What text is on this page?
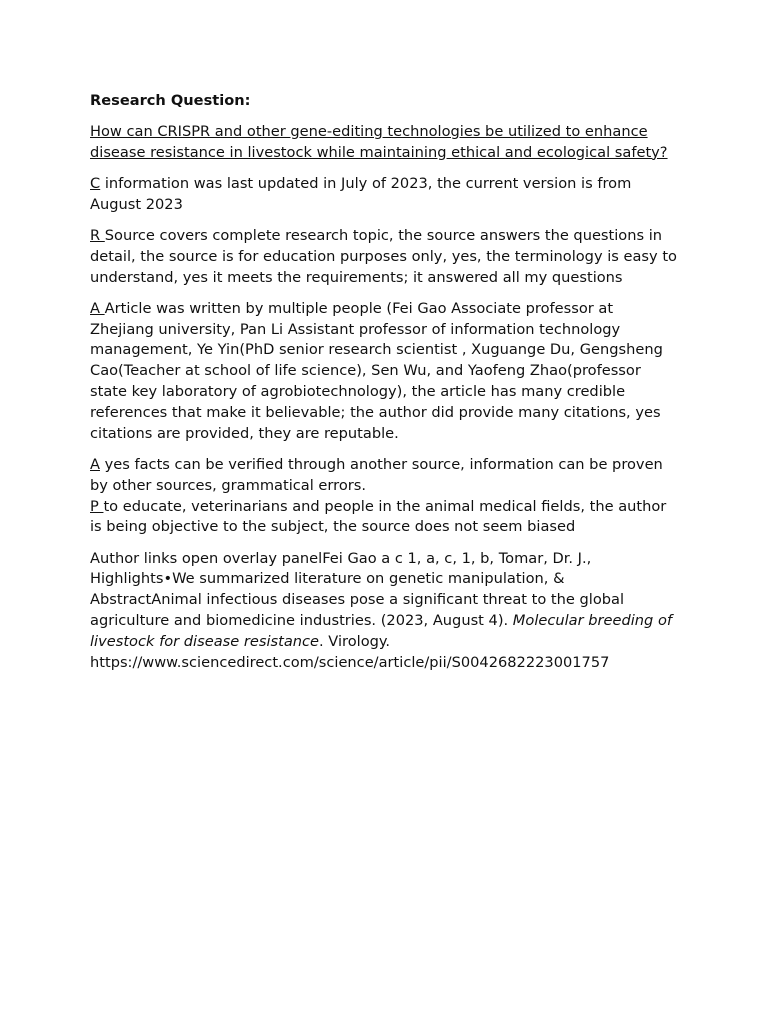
Research Question:

How can CRISPR and other gene-editing technologies be utilized to enhance disease resistance in livestock while maintaining ethical and ecological safety?

C information was last updated in July of 2023, the current version is from August 2023

R Source covers complete research topic, the source answers the questions in detail, the source is for education purposes only, yes, the terminology is easy to understand, yes it meets the requirements; it answered all my questions

A Article was written by multiple people (Fei Gao Associate professor at Zhejiang university, Pan Li Assistant professor of information technology management, Ye Yin(PhD senior research scientist , Xuguange Du, Gengsheng Cao(Teacher at school of life science), Sen Wu, and Yaofeng Zhao(professor state key laboratory of agrobiotechnology), the article has many credible references that make it believable; the author did provide many citations, yes citations are provided, they are reputable.

A yes facts can be verified through another source, information can be proven by other sources, grammatical errors.

P to educate, veterinarians and people in the animal medical fields, the author is being objective to the subject, the source does not seem biased

Author links open overlay panelFei Gao a c 1, a, c, 1, b, Tomar, Dr. J., Highlights•We summarized literature on genetic manipulation, & AbstractAnimal infectious diseases pose a significant threat to the global agriculture and biomedicine industries. (2023, August 4). Molecular breeding of livestock for disease resistance. Virology.
https://www.sciencedirect.com/science/article/pii/S0042682223001757
